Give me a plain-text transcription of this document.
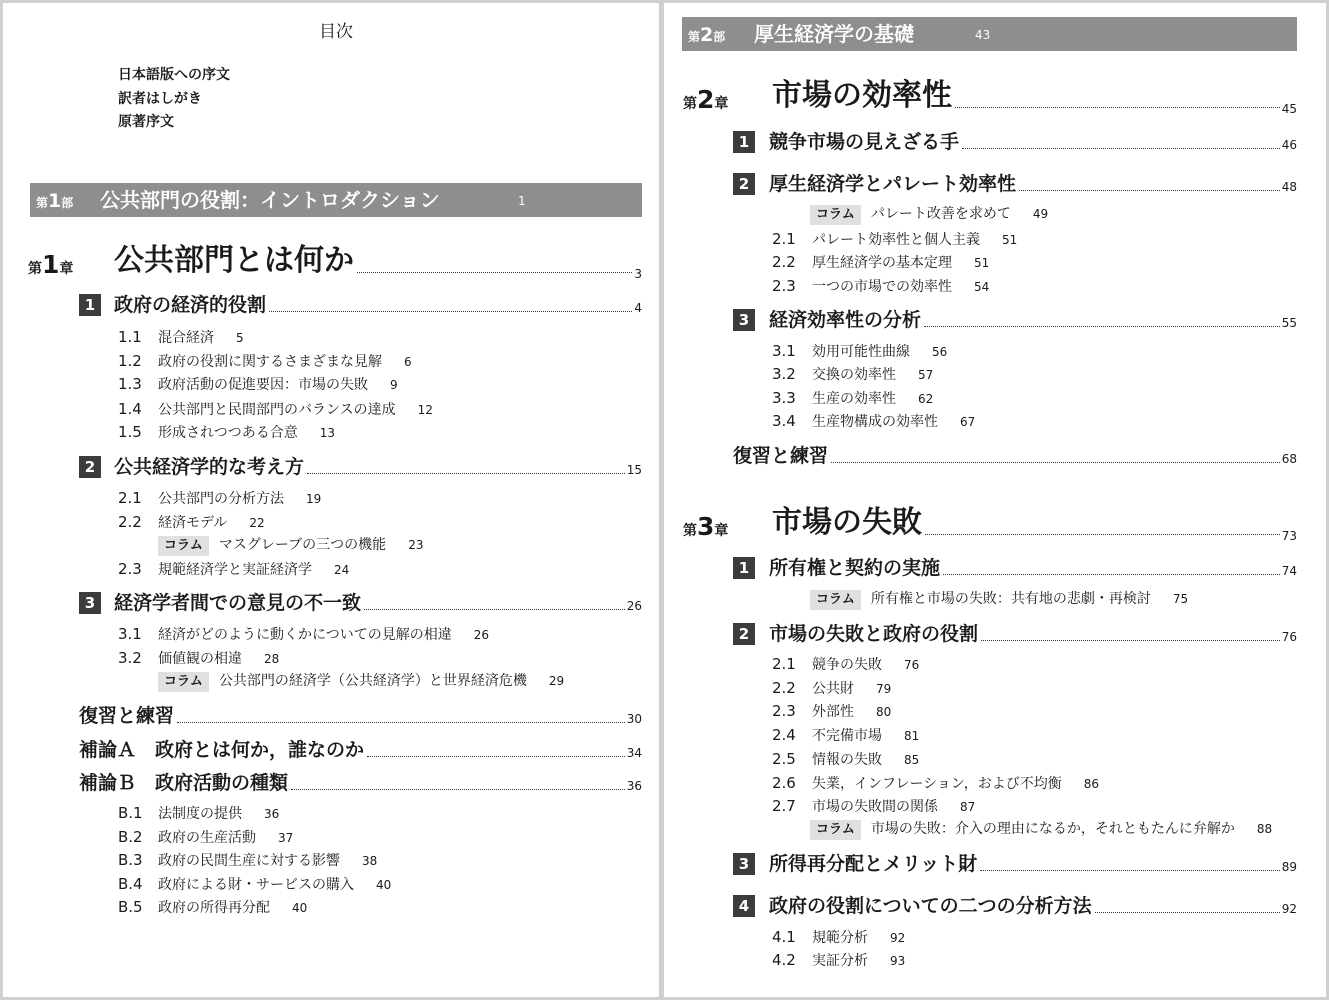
目次
日本語版への序文
訳者はしがき
原著序文
第1部 公共部門の役割：イントロダクション	1
第1章 公共部門とは何か	3
1 政府の経済的役割	4
1.1 混合経済 5
1.2 政府の役割に関するさまざまな見解 6
1.3 政府活動の促進要因：市場の失敗 9
1.4 公共部門と民間部門のバランスの達成 12
1.5 形成されつつある合意 13
2 公共経済学的な考え方	15
2.1 公共部門の分析方法 19
2.2 経済モデル 22
コラム マスグレーブの三つの機能 23
2.3 規範経済学と実証経済学 24
3 経済学者間での意見の不一致	26
3.1 経済がどのように動くかについての見解の相違 26
3.2 価値観の相違 28
コラム 公共部門の経済学（公共経済学）と世界経済危機 29
復習と練習	30
補論Ａ　政府とは何か，誰なのか	34
補論Ｂ　政府活動の種類	36
B.1 法制度の提供 36
B.2 政府の生産活動 37
B.3 政府の民間生産に対する影響 38
B.4 政府による財・サービスの購入 40
B.5 政府の所得再分配 40
第2部 厚生経済学の基礎	43
第2章 市場の効率性	45
1	競争市場の見えざる手	46
2	厚生経済学とパレート効率性	48
コラム パレート改善を求めて 49
2.1 パレート効率性と個人主義 51
2.2 厚生経済学の基本定理 51
2.3 一つの市場での効率性 54
3	経済効率性の分析	55
3.1 効用可能性曲線 56
3.2 交換の効率性 57
3.3 生産の効率性 62
3.4 生産物構成の効率性 67
復習と練習	68
第3章 市場の失敗	73
1	所有権と契約の実施	74
コラム 所有権と市場の失敗：共有地の悲劇・再検討 75
2	市場の失敗と政府の役割	76
2.1 競争の失敗 76
2.2 公共財 79
2.3 外部性 80
2.4 不完備市場 81
2.5 情報の失敗 85
2.6 失業，インフレーション，および不均衡 86
2.7 市場の失敗間の関係 87
コラム 市場の失敗：介入の理由になるか，それともたんに弁解か 88
3	所得再分配とメリット財	89
4	政府の役割についての二つの分析方法	92
4.1 規範分析 92
4.2 実証分析 93
